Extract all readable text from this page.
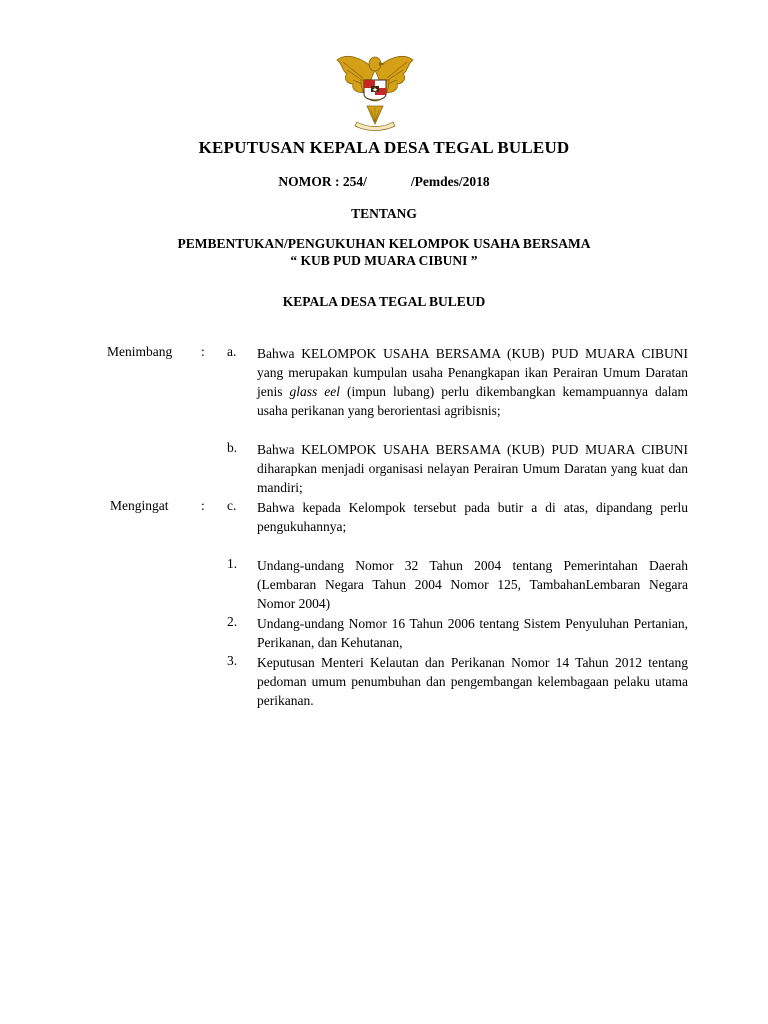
KEPUTUSAN KEPALA DESA TEGAL BULEUD
NOMOR : 254/	/Pemdes/2018
TENTANG
PEMBENTUKAN/PENGUKUHAN KELOMPOK USAHA BERSAMA
“ KUB PUD MUARA CIBUNI ”
KEPALA DESA TEGAL BULEUD
Menimbang : a. Bahwa KELOMPOK USAHA BERSAMA (KUB) PUD MUARA CIBUNI yang merupakan kumpulan usaha Penangkapan ikan Perairan Umum Daratan jenis glass eel (impun lubang) perlu dikembangkan kemampuannya dalam usaha perikanan yang berorientasi agribisnis;
b. Bahwa KELOMPOK USAHA BERSAMA (KUB) PUD MUARA CIBUNI diharapkan menjadi organisasi nelayan Perairan Umum Daratan yang kuat dan mandiri;
Mengingat : c. Bahwa kepada Kelompok tersebut pada butir a di atas, dipandang perlu pengukuhannya;
1. Undang-undang Nomor 32 Tahun 2004 tentang Pemerintahan Daerah (Lembaran Negara Tahun 2004 Nomor 125, TambahanLembaran Negara Nomor 2004)
2. Undang-undang Nomor 16 Tahun 2006 tentang Sistem Penyuluhan Pertanian, Perikanan, dan Kehutanan,
3. Keputusan Menteri Kelautan dan Perikanan Nomor 14 Tahun 2012 tentang pedoman umum penumbuhan dan pengembangan kelembagaan pelaku utama perikanan.
